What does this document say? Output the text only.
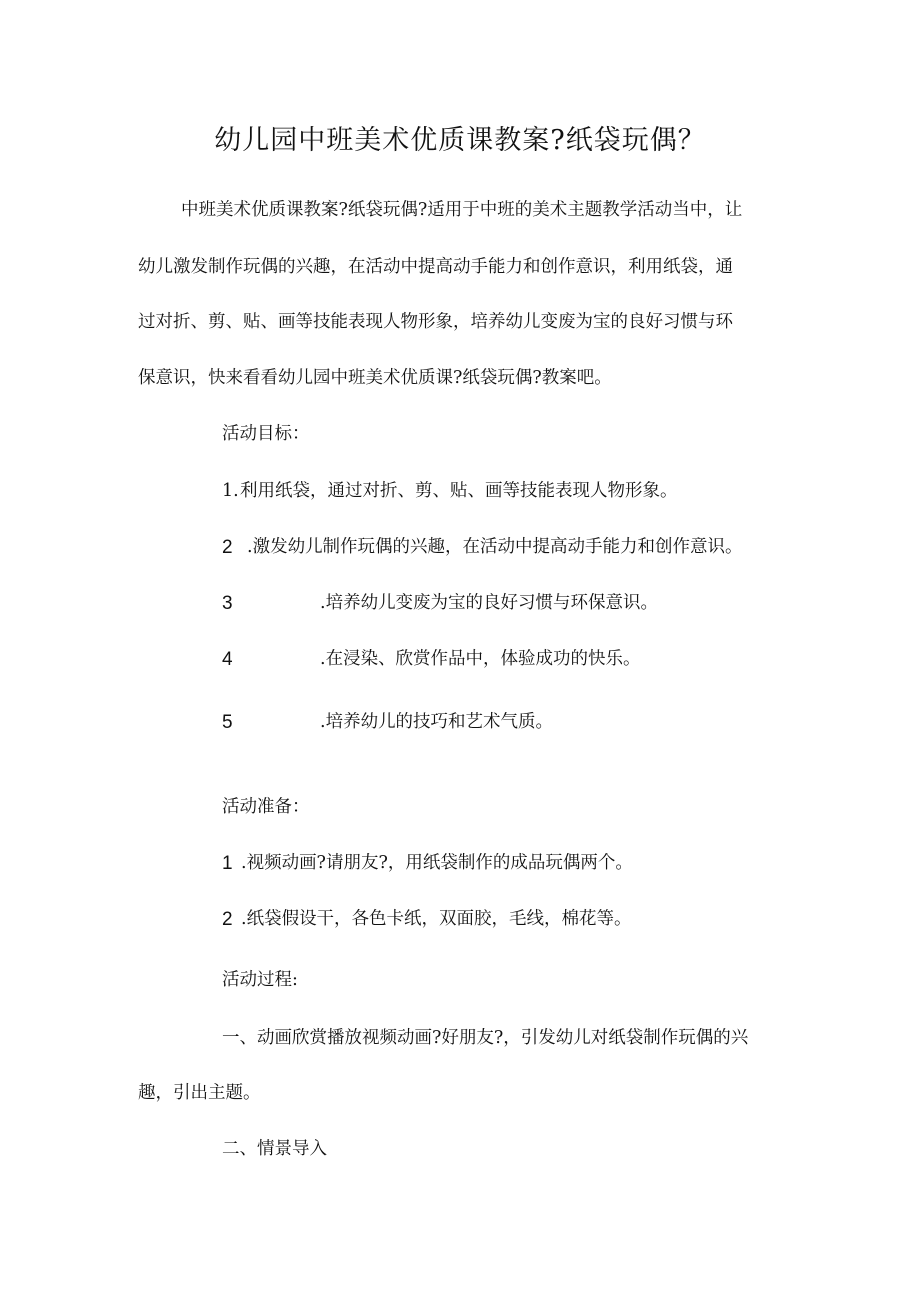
幼儿园中班美术优质课教案?纸袋玩偶？
中班美术优质课教案?纸袋玩偶?适用于中班的美术主题教学活动当中，让
幼儿激发制作玩偶的兴趣，在活动中提高动手能力和创作意识，利用纸袋，通
过对折、剪、贴、画等技能表现人物形象，培养幼儿变废为宝的良好习惯与环
保意识，快来看看幼儿园中班美术优质课?纸袋玩偶?教案吧。
活动目标：
1. 利用纸袋，通过对折、剪、贴、画等技能表现人物形象。
2 .激发幼儿制作玩偶的兴趣，在活动中提高动手能力和创作意识。
3	.培养幼儿变废为宝的良好习惯与环保意识。
4	.在浸染、欣赏作品中，体验成功的快乐。
5	.培养幼儿的技巧和艺术气质。
活动准备：
1 .视频动画?请朋友?，用纸袋制作的成品玩偶两个。
2 .纸袋假设干，各色卡纸，双面胶，毛线，棉花等。
活动过程:
一、动画欣赏播放视频动画?好朋友?，引发幼儿对纸袋制作玩偶的兴
趣，引出主题。
二、情景导入
